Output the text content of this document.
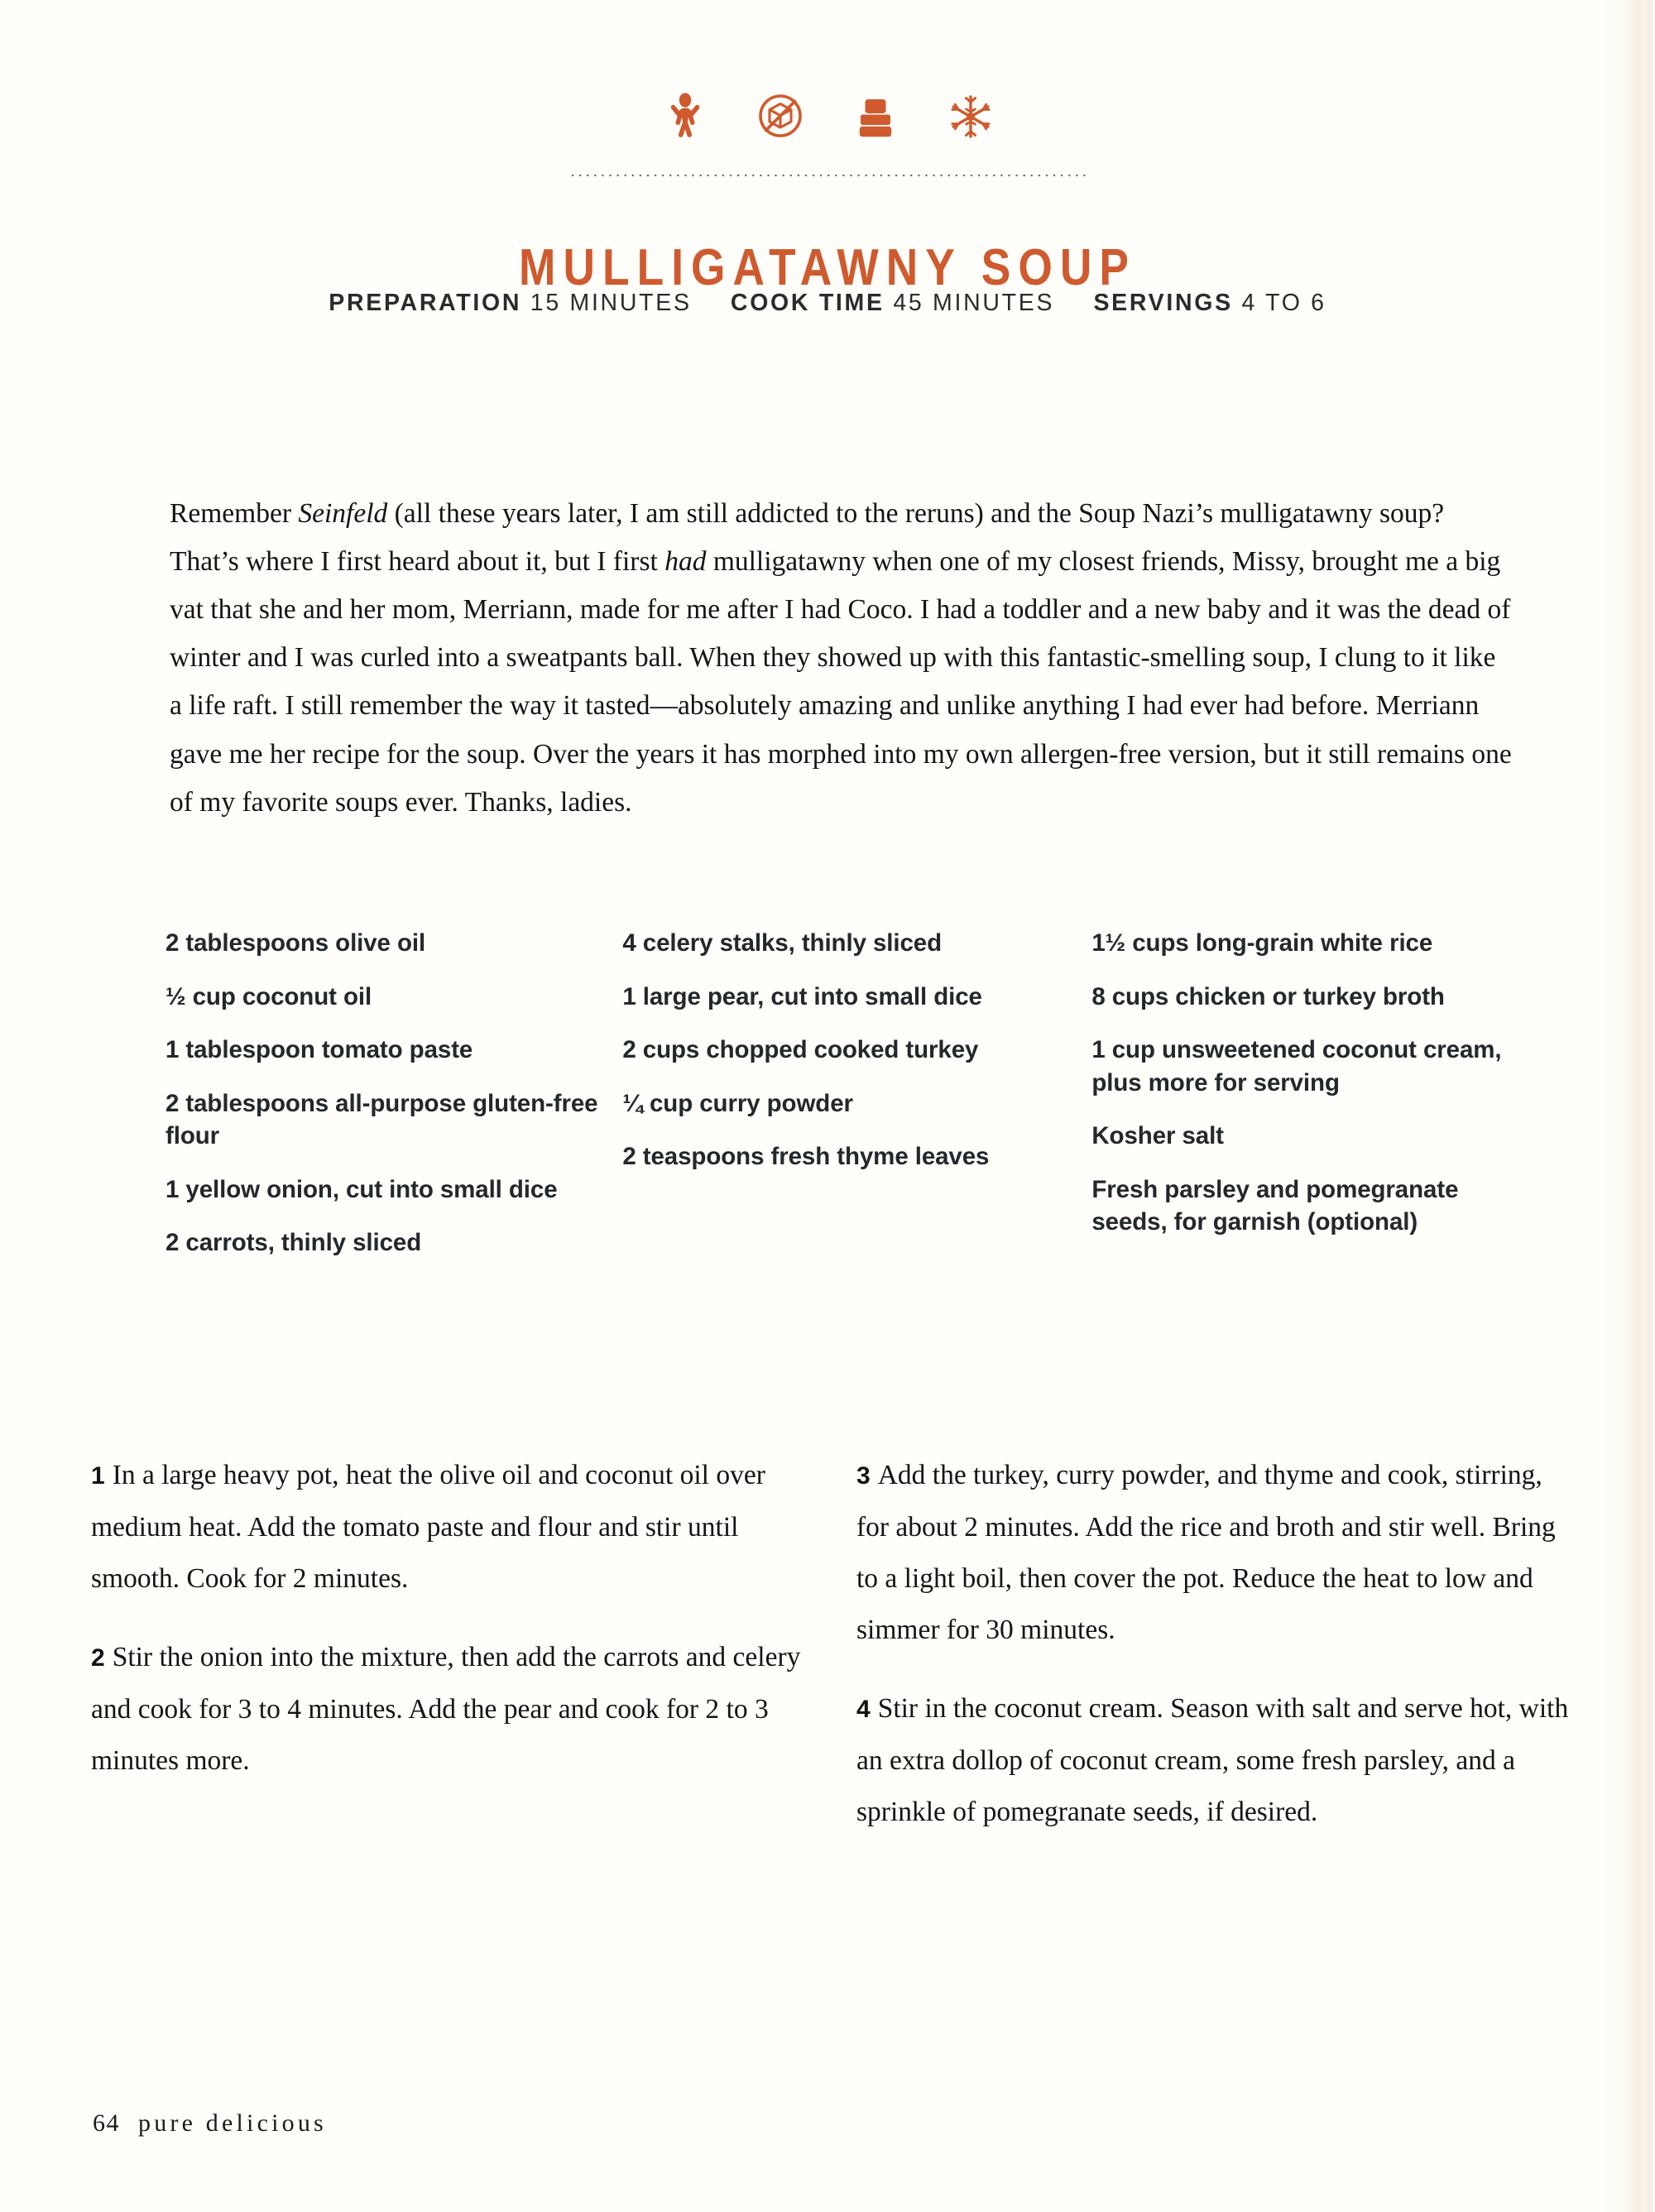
MULLIGATAWNY SOUP
PREPARATION 15 MINUTES COOK TIME 45 MINUTES SERVINGS 4 TO 6

Remember Seinfeld (all these years later, I am still addicted to the reruns) and the Soup Nazi’s mulligatawny soup? That’s where I first heard about it, but I first had mulligatawny when one of my closest friends, Missy, brought me a big vat that she and her mom, Merriann, made for me after I had Coco. I had a toddler and a new baby and it was the dead of winter and I was curled into a sweatpants ball. When they showed up with this fantastic-smelling soup, I clung to it like a life raft. I still remember the way it tasted—absolutely amazing and unlike anything I had ever had before. Merriann gave me her recipe for the soup. Over the years it has morphed into my own allergen-free version, but it still remains one of my favorite soups ever. Thanks, ladies.

2 tablespoons olive oil
½ cup coconut oil
1 tablespoon tomato paste
2 tablespoons all-purpose gluten-free flour
1 yellow onion, cut into small dice
2 carrots, thinly sliced
4 celery stalks, thinly sliced
1 large pear, cut into small dice
2 cups chopped cooked turkey
¼ cup curry powder
2 teaspoons fresh thyme leaves
1½ cups long-grain white rice
8 cups chicken or turkey broth
1 cup unsweetened coconut cream, plus more for serving
Kosher salt
Fresh parsley and pomegranate seeds, for garnish (optional)

1 In a large heavy pot, heat the olive oil and coconut oil over medium heat. Add the tomato paste and flour and stir until smooth. Cook for 2 minutes.

2 Stir the onion into the mixture, then add the carrots and celery and cook for 3 to 4 minutes. Add the pear and cook for 2 to 3 minutes more.

3 Add the turkey, curry powder, and thyme and cook, stirring, for about 2 minutes. Add the rice and broth and stir well. Bring to a light boil, then cover the pot. Reduce the heat to low and simmer for 30 minutes.

4 Stir in the coconut cream. Season with salt and serve hot, with an extra dollop of coconut cream, some fresh parsley, and a sprinkle of pomegranate seeds, if desired.

64 pure delicious
